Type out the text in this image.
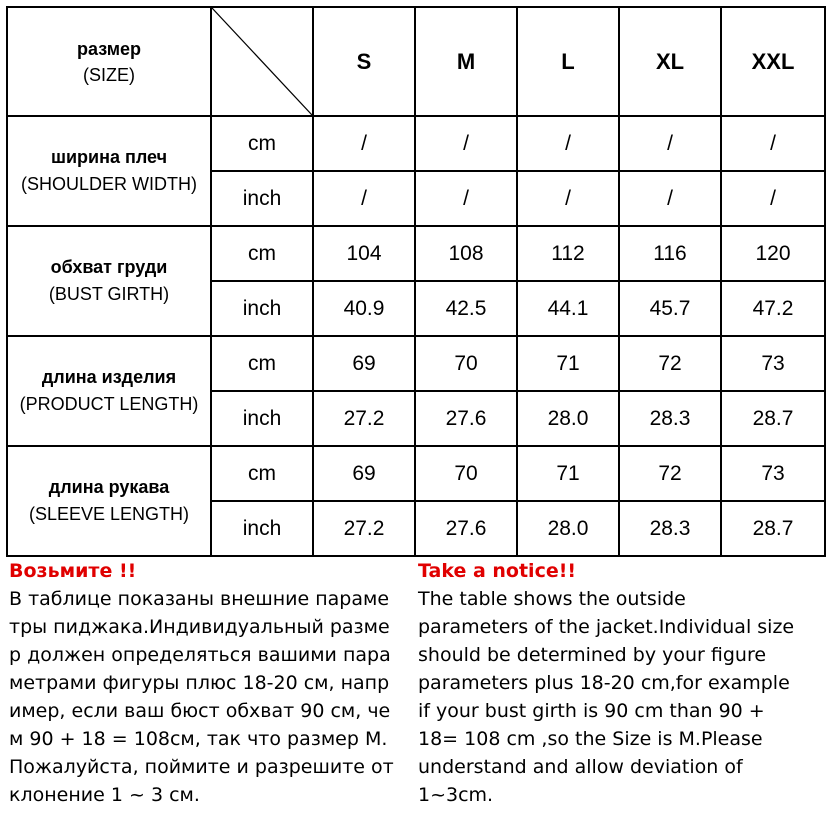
размер
(SIZE)		S	M	L	XL	XXL

ширина плеч
(SHOULDER WIDTH)	cm	/	/	/	/	/
	inch	/	/	/	/	/

обхват груди
(BUST GIRTH)	cm	104	108	112	116	120
	inch	40.9	42.5	44.1	45.7	47.2

длина изделия
(PRODUCT LENGTH)	cm	69	70	71	72	73
	inch	27.2	27.6	28.0	28.3	28.7

длина рукава
(SLEEVE LENGTH)	cm	69	70	71	72	73
	inch	27.2	27.6	28.0	28.3	28.7
Возьмите !!
В таблице показаны внешние параме
тры пиджака.Индивидуальный разме
р должен определяться вашими пара
метрами фигуры плюс 18-20 см, напр
имер, если ваш бюст обхват 90 см, че
м 90 + 18 = 108см, так что размер M.
Пожалуйста, поймите и разрешите от
клонение 1 ~ 3 см.
Take a notice!!
The table shows the outside
parameters of the jacket.Individual size
should be determined by your figure
parameters plus 18-20 cm,for example
if your bust girth is 90 cm than 90 +
18= 108 cm ,so the Size is M.Please
understand and allow deviation of
1~3cm.
